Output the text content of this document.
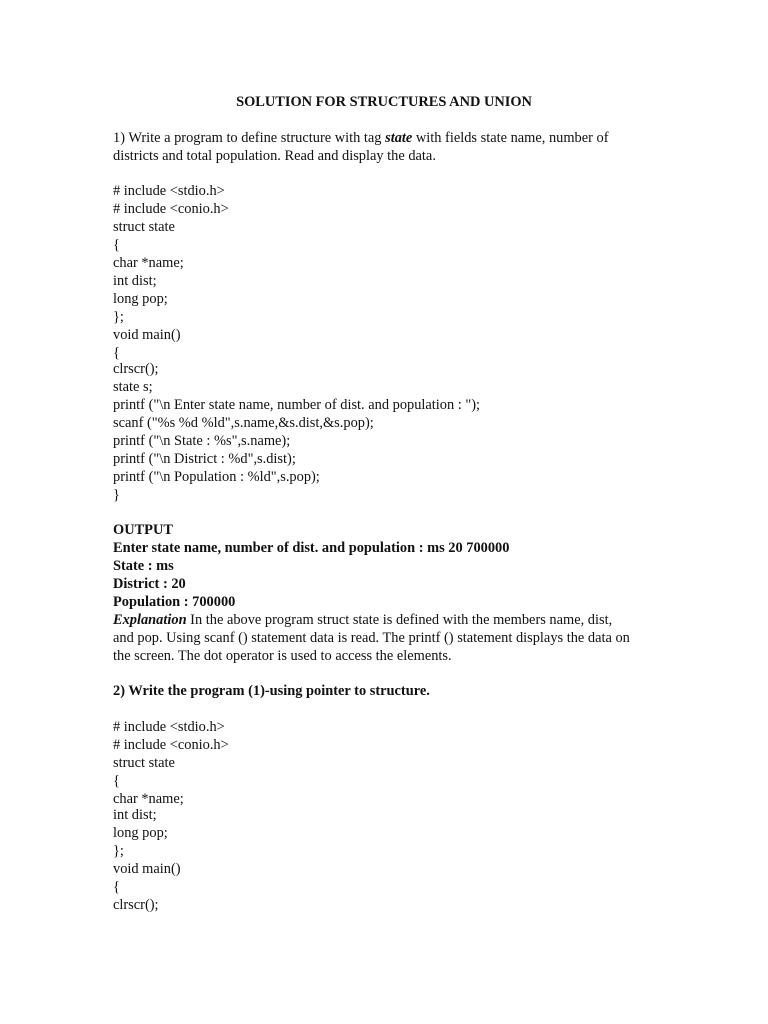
SOLUTION FOR STRUCTURES AND UNION
1) Write a program to define structure with tag state with fields state name, number of
districts and total population. Read and display the data.
# include <stdio.h>
# include <conio.h>
struct state
{
char *name;
int dist;
long pop;
};
void main()
{
clrscr();
state s;
printf ("\n Enter state name, number of dist. and population : ");
scanf ("%s %d %ld",s.name,&s.dist,&s.pop);
printf ("\n State : %s",s.name);
printf ("\n District : %d",s.dist);
printf ("\n Population : %ld",s.pop);
}
OUTPUT
Enter state name, number of dist. and population : ms 20 700000
State : ms
District : 20
Population : 700000
Explanation In the above program struct state is defined with the members name, dist,
and pop. Using scanf () statement data is read. The printf () statement displays the data on
the screen. The dot operator is used to access the elements.
2) Write the program (1)-using pointer to structure.
# include <stdio.h>
# include <conio.h>
struct state
{
char *name;
int dist;
long pop;
};
void main()
{
clrscr();
